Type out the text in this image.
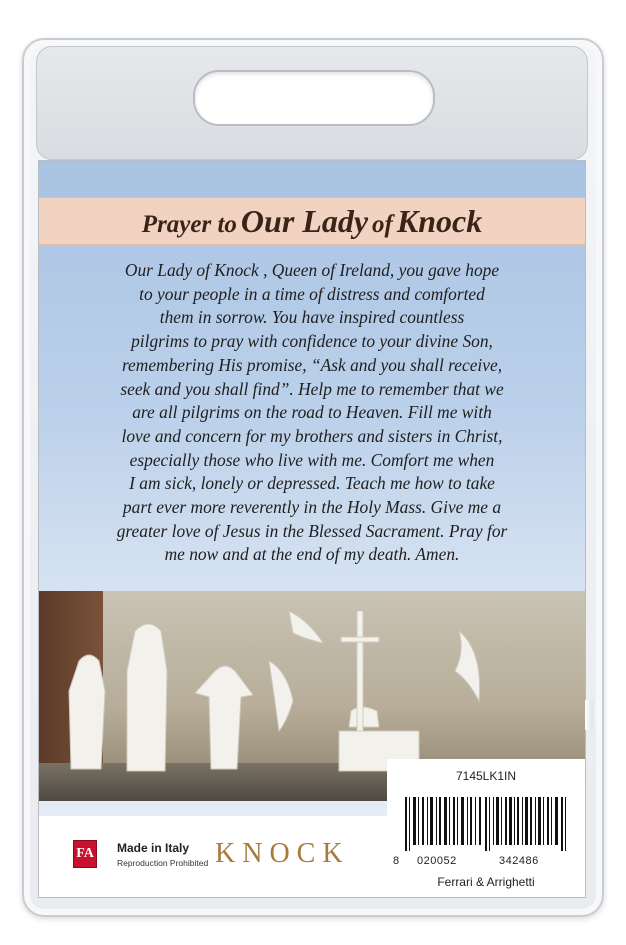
Prayer to Our Lady of Knock
Our Lady of Knock , Queen of Ireland, you gave hope
to your people in a time of distress and comforted
them in sorrow. You have inspired countless
pilgrims to pray with confidence to your divine Son,
remembering His promise, “Ask and you shall receive,
seek and you shall find”. Help me to remember that we
are all pilgrims on the road to Heaven. Fill me with
love and concern for my brothers and sisters in Christ,
especially those who live with me. Comfort me when
I am sick, lonely or depressed. Teach me how to take
part ever more reverently in the Holy Mass. Give me a
greater love of Jesus in the Blessed Sacrament. Pray for
me now and at the end of my death. Amen.
FA Made in Italy
Reproduction Prohibited KNOCK
7145LK1IN
8 020052	342486
Ferrari & Arrighetti
